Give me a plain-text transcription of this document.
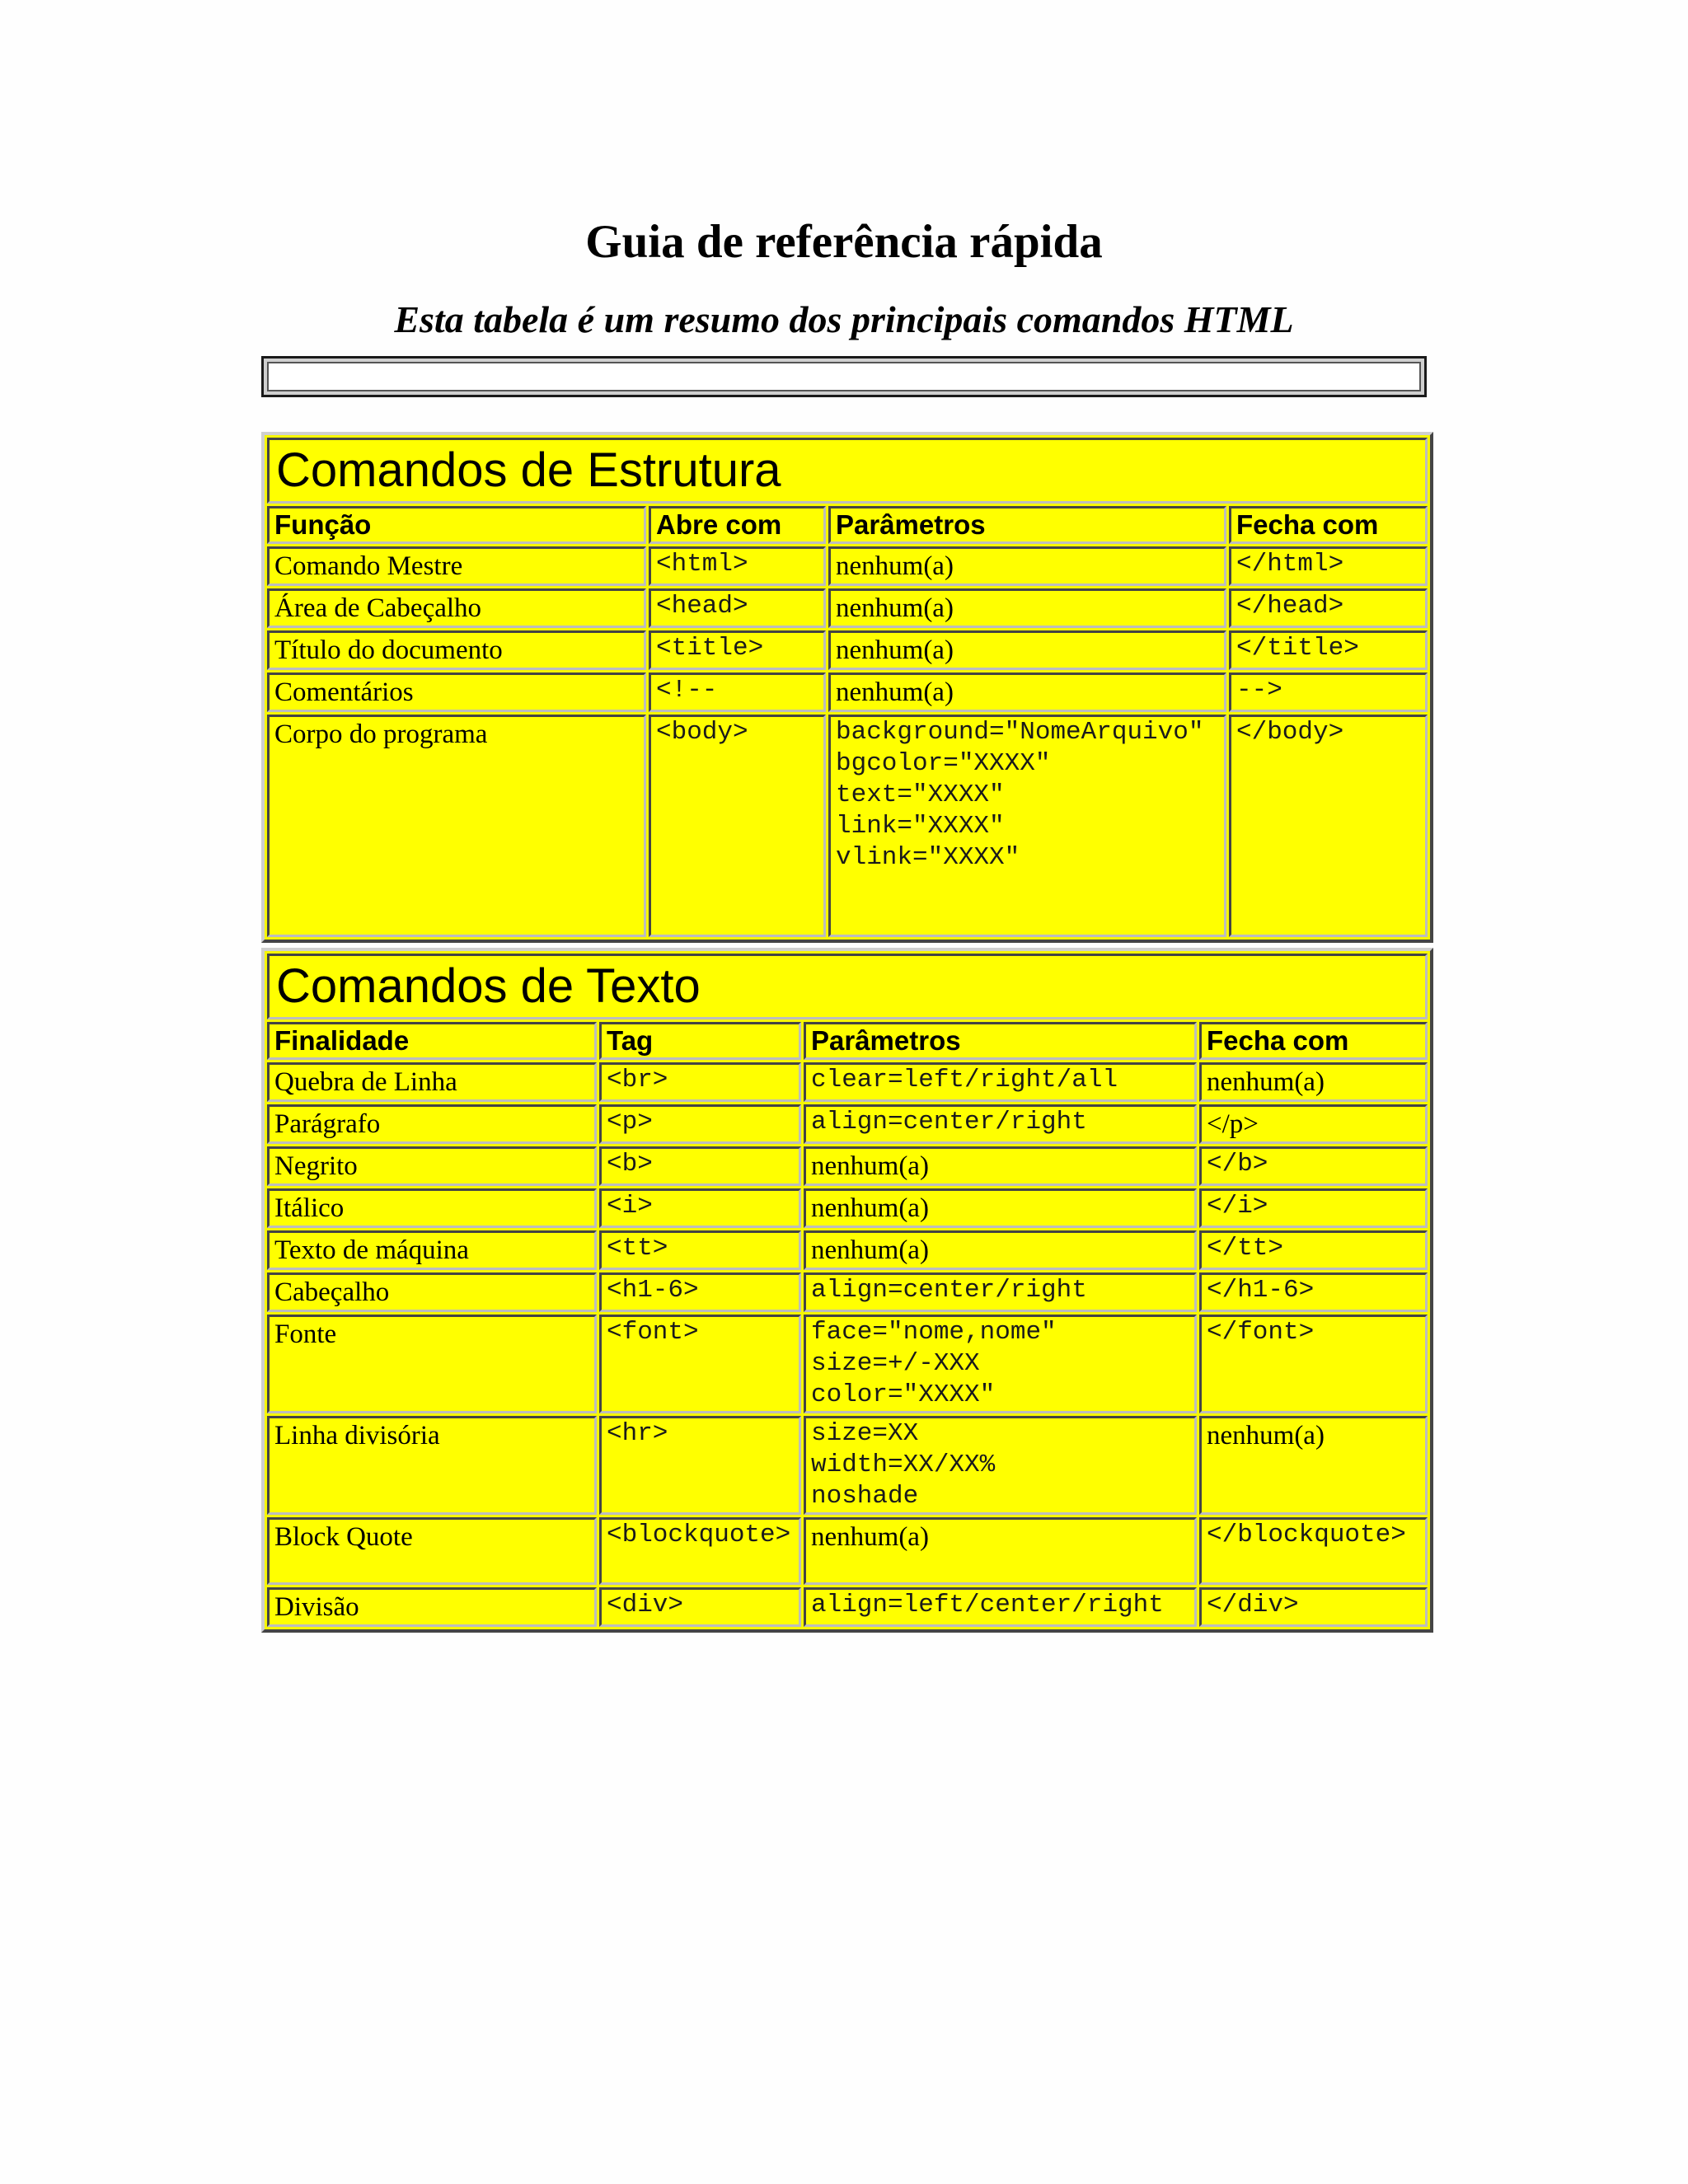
Guia de referência rápida
Esta tabela é um resumo dos principais comandos HTML
Comandos de Estrutura			
Função	Abre com	Parâmetros	Fecha com
Comando Mestre	<html>	nenhum(a)	</html>
Área de Cabeçalho	<head>	nenhum(a)	</head>
Título do documento	<title>	nenhum(a)	</title>
Comentários	<!--	nenhum(a)	-->
Corpo do programa	<body>	background="NomeArquivo"
bgcolor="XXXX"
text="XXXX"
link="XXXX"
vlink="XXXX"	</body>
Comandos de Texto			
Finalidade	Tag	Parâmetros	Fecha com
Quebra de Linha	<br>	clear=left/right/all	nenhum(a)
Parágrafo	<p>	align=center/right	</p>
Negrito	<b>	nenhum(a)	</b>
Itálico	<i>	nenhum(a)	</i>
Texto de máquina	<tt>	nenhum(a)	</tt>
Cabeçalho	<h1-6>	align=center/right	</h1-6>
Fonte	<font>	face="nome,nome"
size=+/-XXX
color="XXXX"	</font>
Linha divisória	<hr>	size=XX
width=XX/XX%
noshade	nenhum(a)
Block Quote	<blockquote>	nenhum(a)	</blockquote>
Divisão	<div>	align=left/center/right	</div>
